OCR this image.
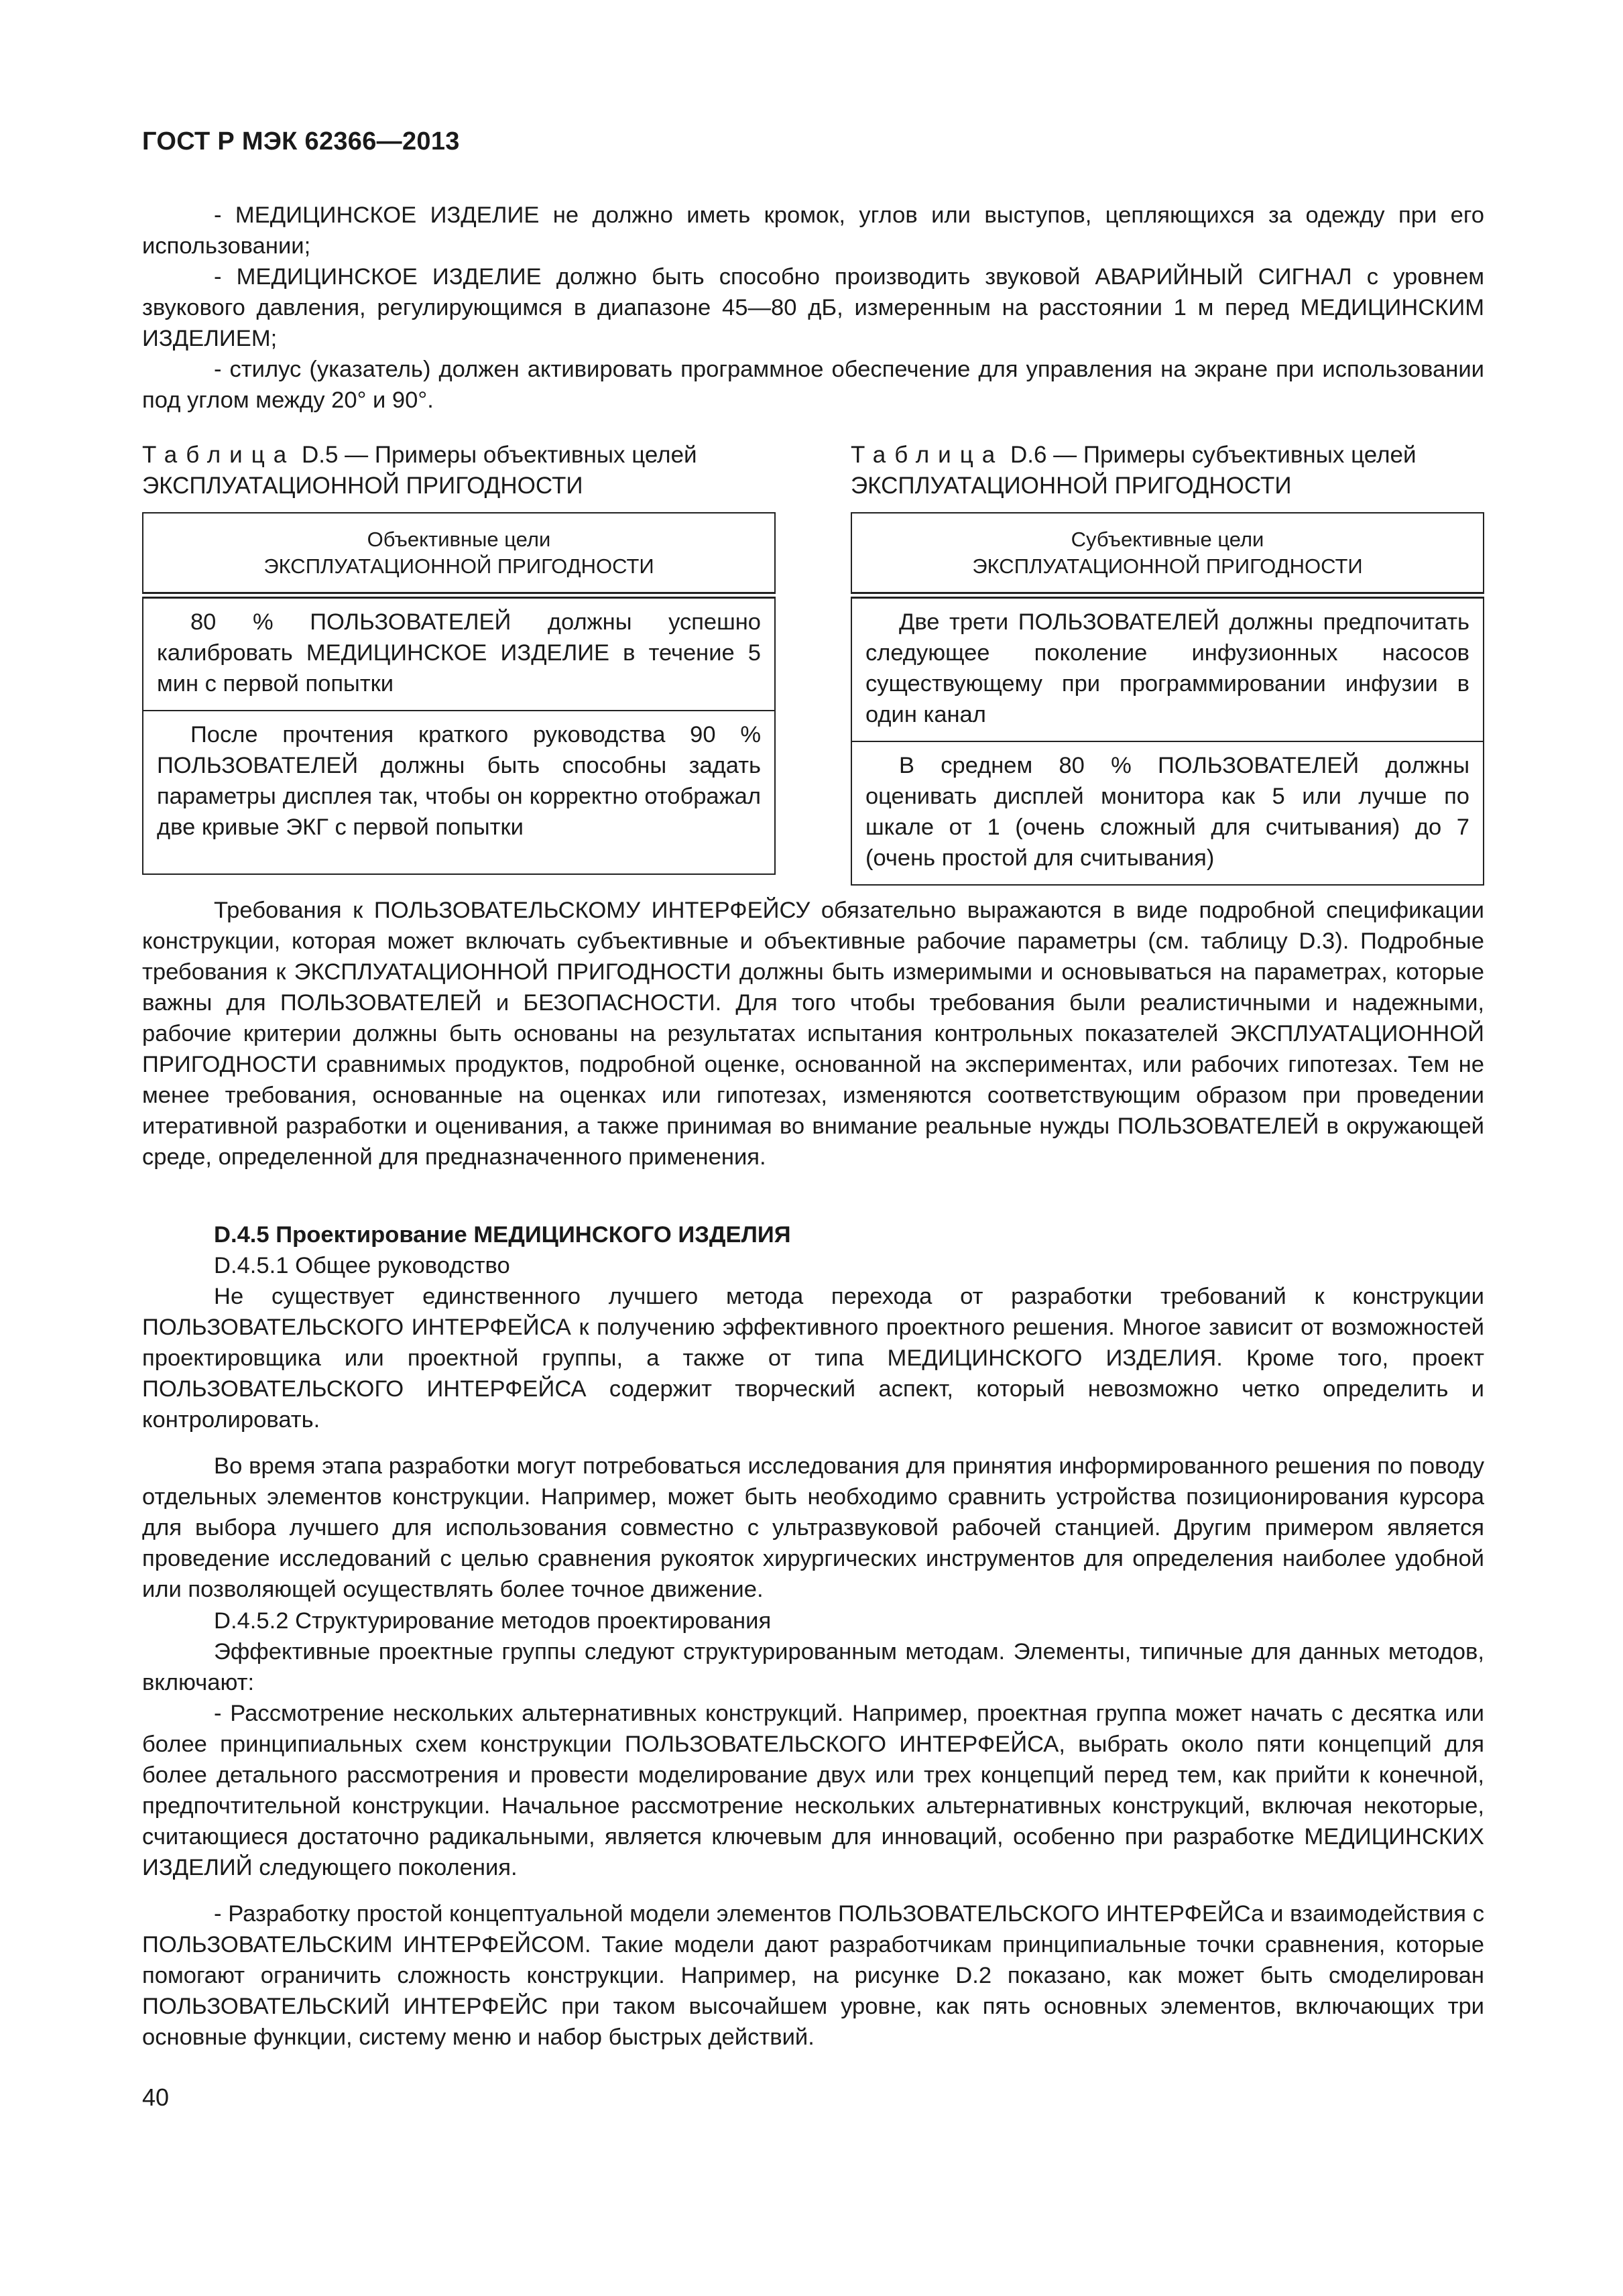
ГОСТ Р МЭК 62366—2013

- МЕДИЦИНСКОЕ ИЗДЕЛИЕ не должно иметь кромок, углов или выступов, цепляющихся за одежду при его использовании;

- МЕДИЦИНСКОЕ ИЗДЕЛИЕ должно быть способно производить звуковой АВАРИЙНЫЙ СИГНАЛ с уровнем звукового давления, регулирующимся в диапазоне 45—80 дБ, измеренным на расстоянии 1 м перед МЕДИЦИНСКИМ ИЗДЕЛИЕМ;

- стилус (указатель) должен активировать программное обеспечение для управления на экране при использовании под углом между 20° и 90°.

Таблица D.5 — Примеры объективных целей ЭКСПЛУАТАЦИОННОЙ ПРИГОДНОСТИ

Объективные цели
ЭКСПЛУАТАЦИОННОЙ ПРИГОДНОСТИ
80 % ПОЛЬЗОВАТЕЛЕЙ должны успешно калибровать МЕДИЦИНСКОЕ ИЗДЕЛИЕ в течение 5 мин с первой попытки
После прочтения краткого руководства 90 % ПОЛЬЗОВАТЕЛЕЙ должны быть способны задать параметры дисплея так, чтобы он корректно отображал две кривые ЭКГ с первой попытки

Таблица D.6 — Примеры субъективных целей ЭКСПЛУАТАЦИОННОЙ ПРИГОДНОСТИ

Субъективные цели
ЭКСПЛУАТАЦИОННОЙ ПРИГОДНОСТИ
Две трети ПОЛЬЗОВАТЕЛЕЙ должны предпочитать следующее поколение инфузионных насосов существующему при программировании инфузии в один канал
В среднем 80 % ПОЛЬЗОВАТЕЛЕЙ должны оценивать дисплей монитора как 5 или лучше по шкале от 1 (очень сложный для считывания) до 7 (очень простой для считывания)

Требования к ПОЛЬЗОВАТЕЛЬСКОМУ ИНТЕРФЕЙСУ обязательно выражаются в виде подробной спецификации конструкции, которая может включать субъективные и объективные рабочие параметры (см. таблицу D.3). Подробные требования к ЭКСПЛУАТАЦИОННОЙ ПРИГОДНОСТИ должны быть измеримыми и основываться на параметрах, которые важны для ПОЛЬЗОВАТЕЛЕЙ и БЕЗОПАСНОСТИ. Для того чтобы требования были реалистичными и надежными, рабочие критерии должны быть основаны на результатах испытания контрольных показателей ЭКСПЛУАТАЦИОННОЙ ПРИГОДНОСТИ сравнимых продуктов, подробной оценке, основанной на экспериментах, или рабочих гипотезах. Тем не менее требования, основанные на оценках или гипотезах, изменяются соответствующим образом при проведении итеративной разработки и оценивания, а также принимая во внимание реальные нужды ПОЛЬЗОВАТЕЛЕЙ в окружающей среде, определенной для предназначенного применения.

D.4.5 Проектирование МЕДИЦИНСКОГО ИЗДЕЛИЯ

D.4.5.1 Общее руководство

Не существует единственного лучшего метода перехода от разработки требований к конструкции ПОЛЬЗОВАТЕЛЬСКОГО ИНТЕРФЕЙСА к получению эффективного проектного решения. Многое зависит от возможностей проектировщика или проектной группы, а также от типа МЕДИЦИНСКОГО ИЗДЕЛИЯ. Кроме того, проект ПОЛЬЗОВАТЕЛЬСКОГО ИНТЕРФЕЙСА содержит творческий аспект, который невозможно четко определить и контролировать.

Во время этапа разработки могут потребоваться исследования для принятия информированного решения по поводу отдельных элементов конструкции. Например, может быть необходимо сравнить устройства позиционирования курсора для выбора лучшего для использования совместно с ультразвуковой рабочей станцией. Другим примером является проведение исследований с целью сравнения рукояток хирургических инструментов для определения наиболее удобной или позволяющей осуществлять более точное движение.

D.4.5.2 Структурирование методов проектирования

Эффективные проектные группы следуют структурированным методам. Элементы, типичные для данных методов, включают:

- Рассмотрение нескольких альтернативных конструкций. Например, проектная группа может начать с десятка или более принципиальных схем конструкции ПОЛЬЗОВАТЕЛЬСКОГО ИНТЕРФЕЙСА, выбрать около пяти концепций для более детального рассмотрения и провести моделирование двух или трех концепций перед тем, как прийти к конечной, предпочтительной конструкции. Начальное рассмотрение нескольких альтернативных конструкций, включая некоторые, считающиеся достаточно радикальными, является ключевым для инноваций, особенно при разработке МЕДИЦИНСКИХ ИЗДЕЛИЙ следующего поколения.

- Разработку простой концептуальной модели элементов ПОЛЬЗОВАТЕЛЬСКОГО ИНТЕРФЕЙСа и взаимодействия с ПОЛЬЗОВАТЕЛЬСКИМ ИНТЕРФЕЙСОМ. Такие модели дают разработчикам принципиальные точки сравнения, которые помогают ограничить сложность конструкции. Например, на рисунке D.2 показано, как может быть смоделирован ПОЛЬЗОВАТЕЛЬСКИЙ ИНТЕРФЕЙС при таком высочайшем уровне, как пять основных элементов, включающих три основные функции, систему меню и набор быстрых действий.

40
